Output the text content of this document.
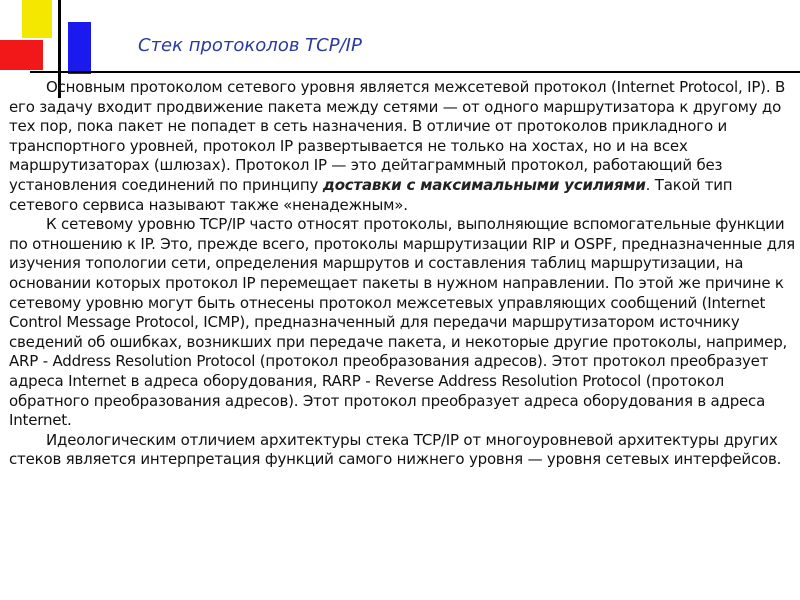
Стек протоколов TCP/IP

Основным протоколом сетевого уровня является межсетевой протокол (Internet Protocol, IP). В его задачу входит продвижение пакета между сетями — от одного маршрутизатора к другому до тех пор, пока пакет не попадет в сеть назначения. В отличие от протоколов прикладного и транспортного уровней, протокол IP развертывается не только на хостах, но и на всех маршрутизаторах (шлюзах). Протокол IP — это дейтаграммный протокол, работающий без установления соединений по принципу доставки с максимальными усилиями. Такой тип сетевого сервиса называют также «ненадежным».

К сетевому уровню TCP/IP часто относят протоколы, выполняющие вспомогательные функции по отношению к IP. Это, прежде всего, протоколы маршрутизации RIP и OSPF, предназначенные для изучения топологии сети, определения маршрутов и составления таблиц маршрутизации, на основании которых протокол IP перемещает пакеты в нужном направлении. По этой же причине к сетевому уровню могут быть отнесены протокол межсетевых управляющих сообщений (Internet Control Message Protocol, ICMP), предназначенный для передачи маршрутизатором источнику сведений об ошибках, возникших при передаче пакета, и некоторые другие протоколы, например, ARP - Address Resolution Protocol (протокол преобразования адресов). Этот протокол преобразует адреса Internet в адреса оборудования, RARP - Reverse Address Resolution Protocol (протокол обратного преобразования адресов). Этот протокол преобразует адреса оборудования в адреса Internet.

Идеологическим отличием архитектуры стека TCP/IP от многоуровневой архитектуры других стеков является интерпретация функций самого нижнего уровня — уровня сетевых интерфейсов.
